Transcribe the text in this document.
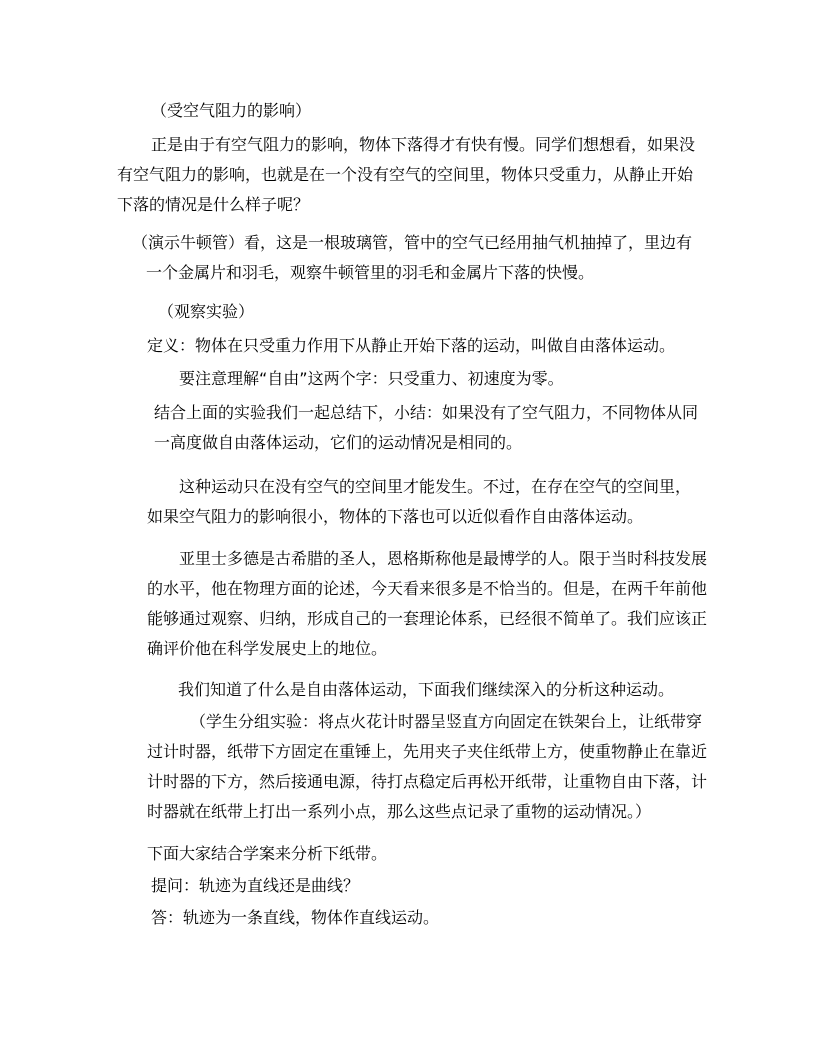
（受空气阻力的影响）

正是由于有空气阻力的影响，物体下落得才有快有慢。同学们想想看，如果没有空气阻力的影响，也就是在一个没有空气的空间里，物体只受重力，从静止开始下落的情况是什么样子呢？

（演示牛顿管）看，这是一根玻璃管，管中的空气已经用抽气机抽掉了，里边有一个金属片和羽毛，观察牛顿管里的羽毛和金属片下落的快慢。

（观察实验）

定义：物体在只受重力作用下从静止开始下落的运动，叫做自由落体运动。

要注意理解“自由”这两个字：只受重力、初速度为零。

结合上面的实验我们一起总结下，小结：如果没有了空气阻力，不同物体从同一高度做自由落体运动，它们的运动情况是相同的。

这种运动只在没有空气的空间里才能发生。不过，在存在空气的空间里，如果空气阻力的影响很小，物体的下落也可以近似看作自由落体运动。

亚里士多德是古希腊的圣人，恩格斯称他是最博学的人。限于当时科技发展的水平，他在物理方面的论述，今天看来很多是不恰当的。但是，在两千年前他能够通过观察、归纳，形成自己的一套理论体系，已经很不简单了。我们应该正确评价他在科学发展史上的地位。

我们知道了什么是自由落体运动，下面我们继续深入的分析这种运动。

（学生分组实验：将点火花计时器呈竖直方向固定在铁架台上，让纸带穿过计时器，纸带下方固定在重锤上，先用夹子夹住纸带上方，使重物静止在靠近计时器的下方，然后接通电源，待打点稳定后再松开纸带，让重物自由下落，计时器就在纸带上打出一系列小点，那么这些点记录了重物的运动情况。）

下面大家结合学案来分析下纸带。

提问：轨迹为直线还是曲线？

答：轨迹为一条直线，物体作直线运动。
